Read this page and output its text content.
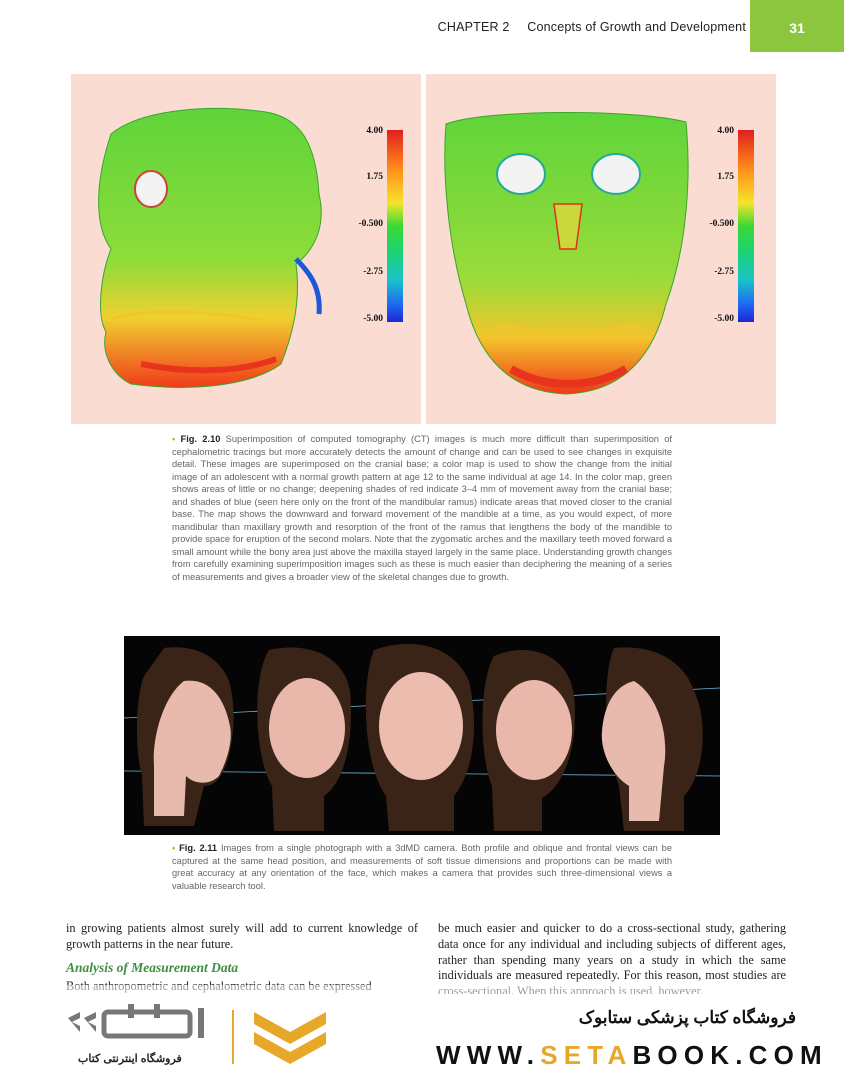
CHAPTER 2 Concepts of Growth and Development	31
4.00
1.75
-0.500
-2.75
-5.00
4.00
1.75
-0.500
-2.75
-5.00
• Fig. 2.10 Superimposition of computed tomography (CT) images is much more difficult than superimposition of cephalometric tracings but more accurately detects the amount of change and can be used to see changes in exquisite detail. These images are superimposed on the cranial base; a color map is used to show the change from the initial image of an adolescent with a normal growth pattern at age 12 to the same individual at age 14. In the color map, green shows areas of little or no change; deepening shades of red indicate 3–4 mm of movement away from the cranial base; and shades of blue (seen here only on the front of the mandibular ramus) indicate areas that moved closer to the cranial base. The map shows the downward and forward movement of the mandible at a time, as you would expect, of more mandibular than maxillary growth and resorption of the front of the ramus that lengthens the body of the mandible to provide space for eruption of the second molars. Note that the zygomatic arches and the maxillary teeth moved forward a small amount while the bony area just above the maxilla stayed largely in the same place. Understanding growth changes from carefully examining superimposition images such as these is much easier than deciphering the meaning of a series of measurements and gives a broader view of the skeletal changes due to growth.
• Fig. 2.11 Images from a single photograph with a 3dMD camera. Both profile and oblique and frontal views can be captured at the same head position, and measurements of soft tissue dimensions and proportions can be made with great accuracy at any orientation of the face, which makes a camera that provides such three-dimensional views a valuable research tool.
in growing patients almost surely will add to current knowledge of growth patterns in the near future.
Analysis of Measurement Data
be much easier and quicker to do a cross-sectional study, gathering data once for any individual and including subjects of different ages, rather than spending many years on a study in which the same individuals are measured repeatedly. For this reason, most studies are
فروشگاه اینترنتی کتاب
فروشگاه کتاب پزشکی ستابوک
WWW.SETABOOK.COM
